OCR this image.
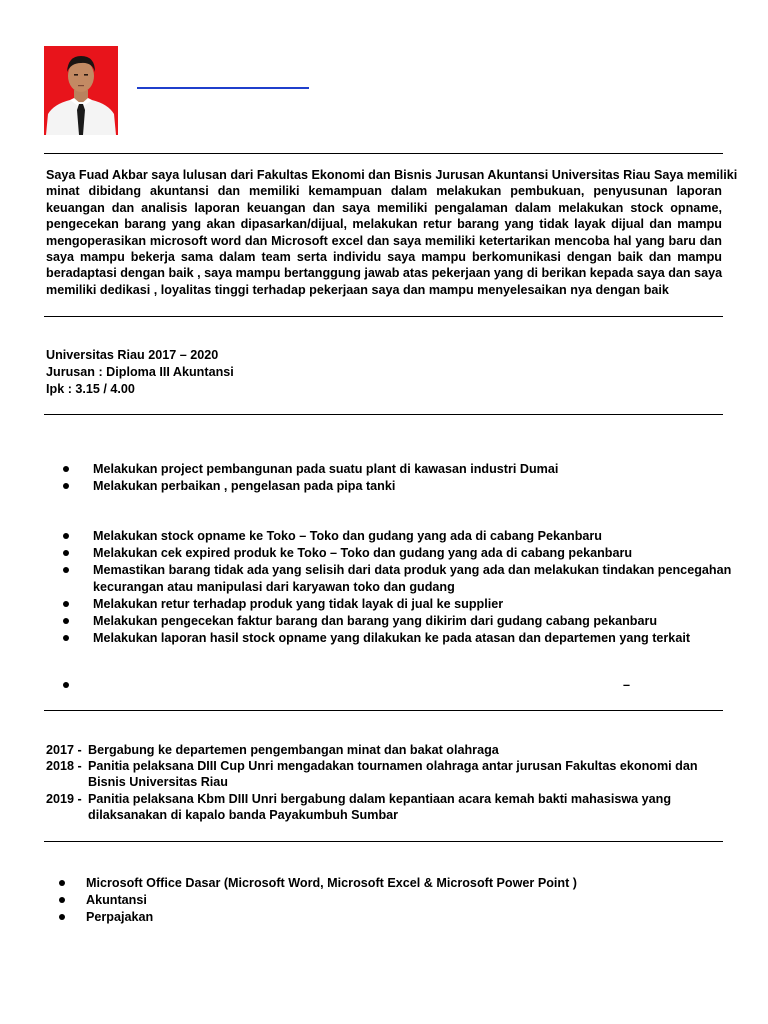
Saya Fuad Akbar saya lulusan dari Fakultas Ekonomi dan Bisnis Jurusan Akuntansi Universitas Riau Saya memiliki
minat dibidang akuntansi dan memiliki kemampuan dalam melakukan pembukuan, penyusunan laporan
keuangan dan analisis laporan keuangan dan saya memiliki pengalaman dalam melakukan stock opname,
pengecekan barang yang akan dipasarkan/dijual, melakukan retur barang yang tidak layak dijual dan mampu
mengoperasikan microsoft word dan Microsoft excel dan saya memiliki ketertarikan mencoba hal yang baru dan
saya mampu bekerja sama dalam team serta individu saya mampu berkomunikasi dengan baik dan mampu
beradaptasi dengan baik , saya mampu bertanggung jawab atas pekerjaan yang di berikan kepada saya dan saya
memiliki dedikasi , loyalitas tinggi terhadap pekerjaan saya dan mampu menyelesaikan nya dengan baik
Universitas Riau 2017 – 2020
Jurusan : Diploma III Akuntansi
Ipk : 3.15 / 4.00
Melakukan project pembangunan pada suatu plant di kawasan industri Dumai
Melakukan perbaikan , pengelasan pada pipa tanki
Melakukan stock opname ke Toko – Toko dan gudang yang ada di cabang Pekanbaru
Melakukan cek expired produk ke Toko – Toko dan gudang yang ada di cabang pekanbaru
Memastikan barang tidak ada yang selisih dari data produk yang ada dan melakukan tindakan pencegahan
kecurangan atau manipulasi dari karyawan toko dan gudang
Melakukan retur terhadap produk yang tidak layak di jual ke supplier
Melakukan pengecekan faktur barang dan barang yang dikirim dari gudang cabang pekanbaru
Melakukan laporan hasil stock opname yang dilakukan ke pada atasan dan departemen yang terkait
–
2017 - Bergabung ke departemen pengembangan minat dan bakat olahraga
2018 - Panitia pelaksana DIII Cup Unri mengadakan tournamen olahraga antar jurusan Fakultas ekonomi dan
Bisnis Universitas Riau
2019 - Panitia pelaksana Kbm DIII Unri bergabung dalam kepantiaan acara kemah bakti mahasiswa yang
dilaksanakan di kapalo banda Payakumbuh Sumbar
Microsoft Office Dasar (Microsoft Word, Microsoft Excel & Microsoft Power Point )
Akuntansi
Perpajakan
